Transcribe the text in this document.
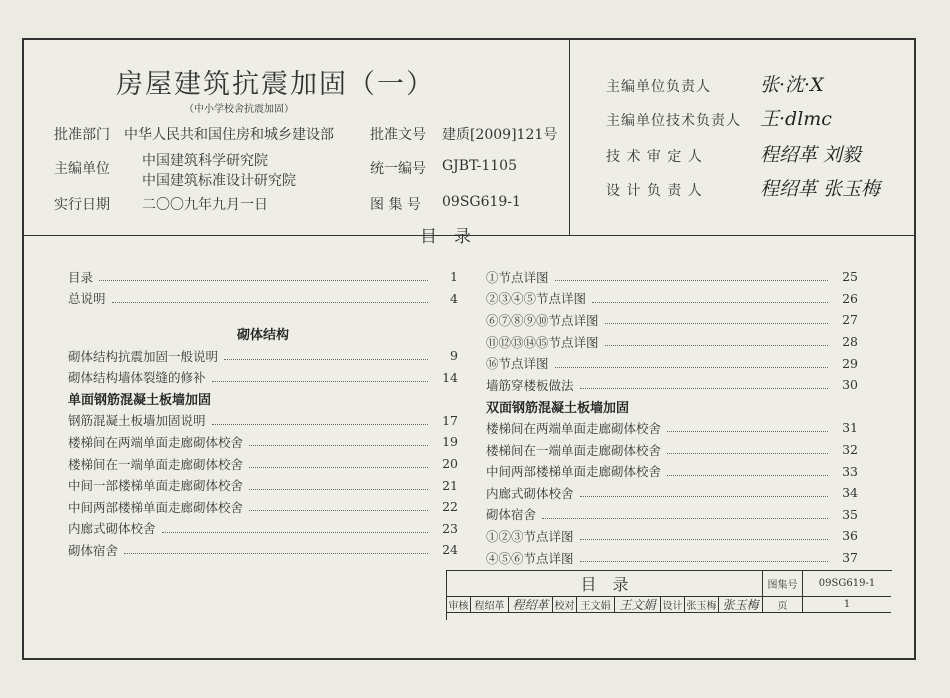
房屋建筑抗震加固（一）
（中小学校舍抗震加固）
批准部门 中华人民共和国住房和城乡建设部	批准文号 建质[2009]121号
主编单位 中国建筑科学研究院
中国建筑标准设计研究院
统一编号 GJBT-1105
实行日期 二〇〇九年九月一日	图 集 号 09SG619-1
主编单位负责人	张·沈·X
主编单位技术负责人 王·dlmc
技 术 审 定 人	程绍革 刘毅
设 计 负 责 人	程绍革 张玉梅
目　录
目录	1
总说明	4
砌体结构
砌体结构抗震加固一般说明	9
砌体结构墙体裂缝的修补	14
单面钢筋混凝土板墙加固
钢筋混凝土板墙加固说明	17
楼梯间在两端单面走廊砌体校舍	19
楼梯间在一端单面走廊砌体校舍	20
中间一部楼梯单面走廊砌体校舍	21
中间两部楼梯单面走廊砌体校舍	22
内廊式砌体校舍	23
砌体宿舍	24
①节点详图	25
②③④⑤节点详图	26
⑥⑦⑧⑨⑩节点详图	27
⑪⑫⑬⑭⑮节点详图	28
⑯节点详图	29
墙筋穿楼板做法	30
双面钢筋混凝土板墙加固
楼梯间在两端单面走廊砌体校舍	31
楼梯间在一端单面走廊砌体校舍	32
中间两部楼梯单面走廊砌体校舍	33
内廊式砌体校舍	34
砌体宿舍	35
①②③节点详图	36
④⑤⑥节点详图	37
目　录	图集号	09SG619-1
审核 程绍革 程绍革 校对 王文娟 王文娟 设计 张玉梅 张玉梅	页	1
